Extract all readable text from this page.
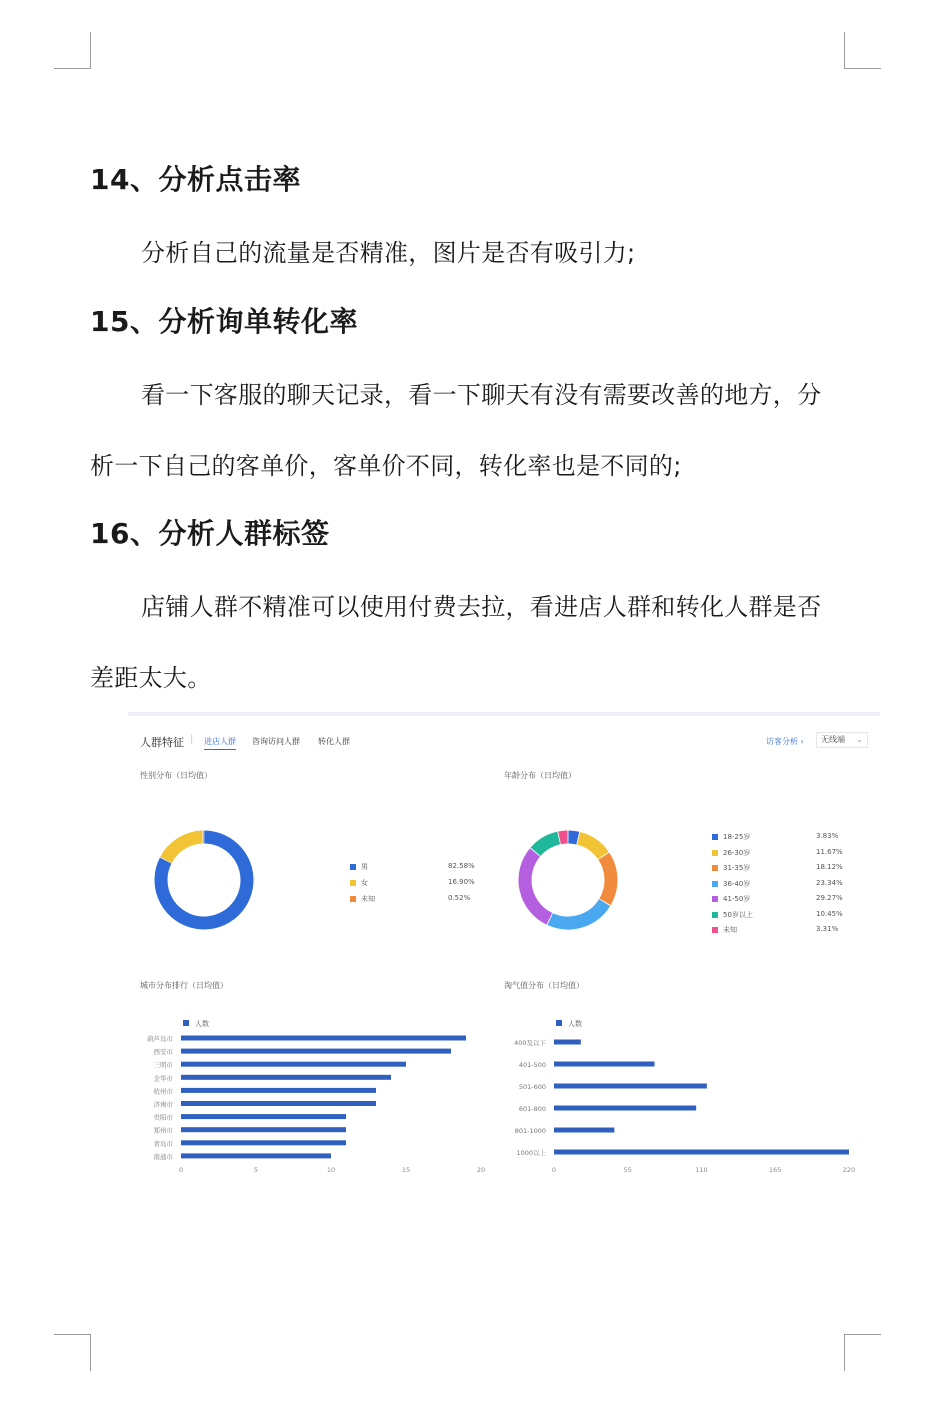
14、分析点击率
分析自己的流量是否精准，图片是否有吸引力;
15、分析询单转化率
看一下客服的聊天记录，看一下聊天有没有需要改善的地方，分
析一下自己的客单价，客单价不同，转化率也是不同的;
16、分析人群标签
店铺人群不精准可以使用付费去拉，看进店人群和转化人群是否
差距太大。
人群特征 | 进店人群 咨询访问人群 转化人群	访客分析 ›	无线端 ⌄
性别分布（日均值）	年龄分布（日均值）
城市分布排行（日均值）	淘气值分布（日均值）
男	82.58%
女	16.90%
未知	0.52%
18-25岁	3.83%
26-30岁	11.67%
31-35岁	18.12%
36-40岁	23.34%
41-50岁	29.27%
50岁以上	10.45%
未知	3.31%
人数
葫芦岛市
西安市
三明市
金华市
杭州市
济南市
贵阳市
郑州市
青岛市
南通市
0	5	10	15	20
人数
400及以下
401-500
501-600
601-800
801-1000
1000以上
0	55	110	165	220
